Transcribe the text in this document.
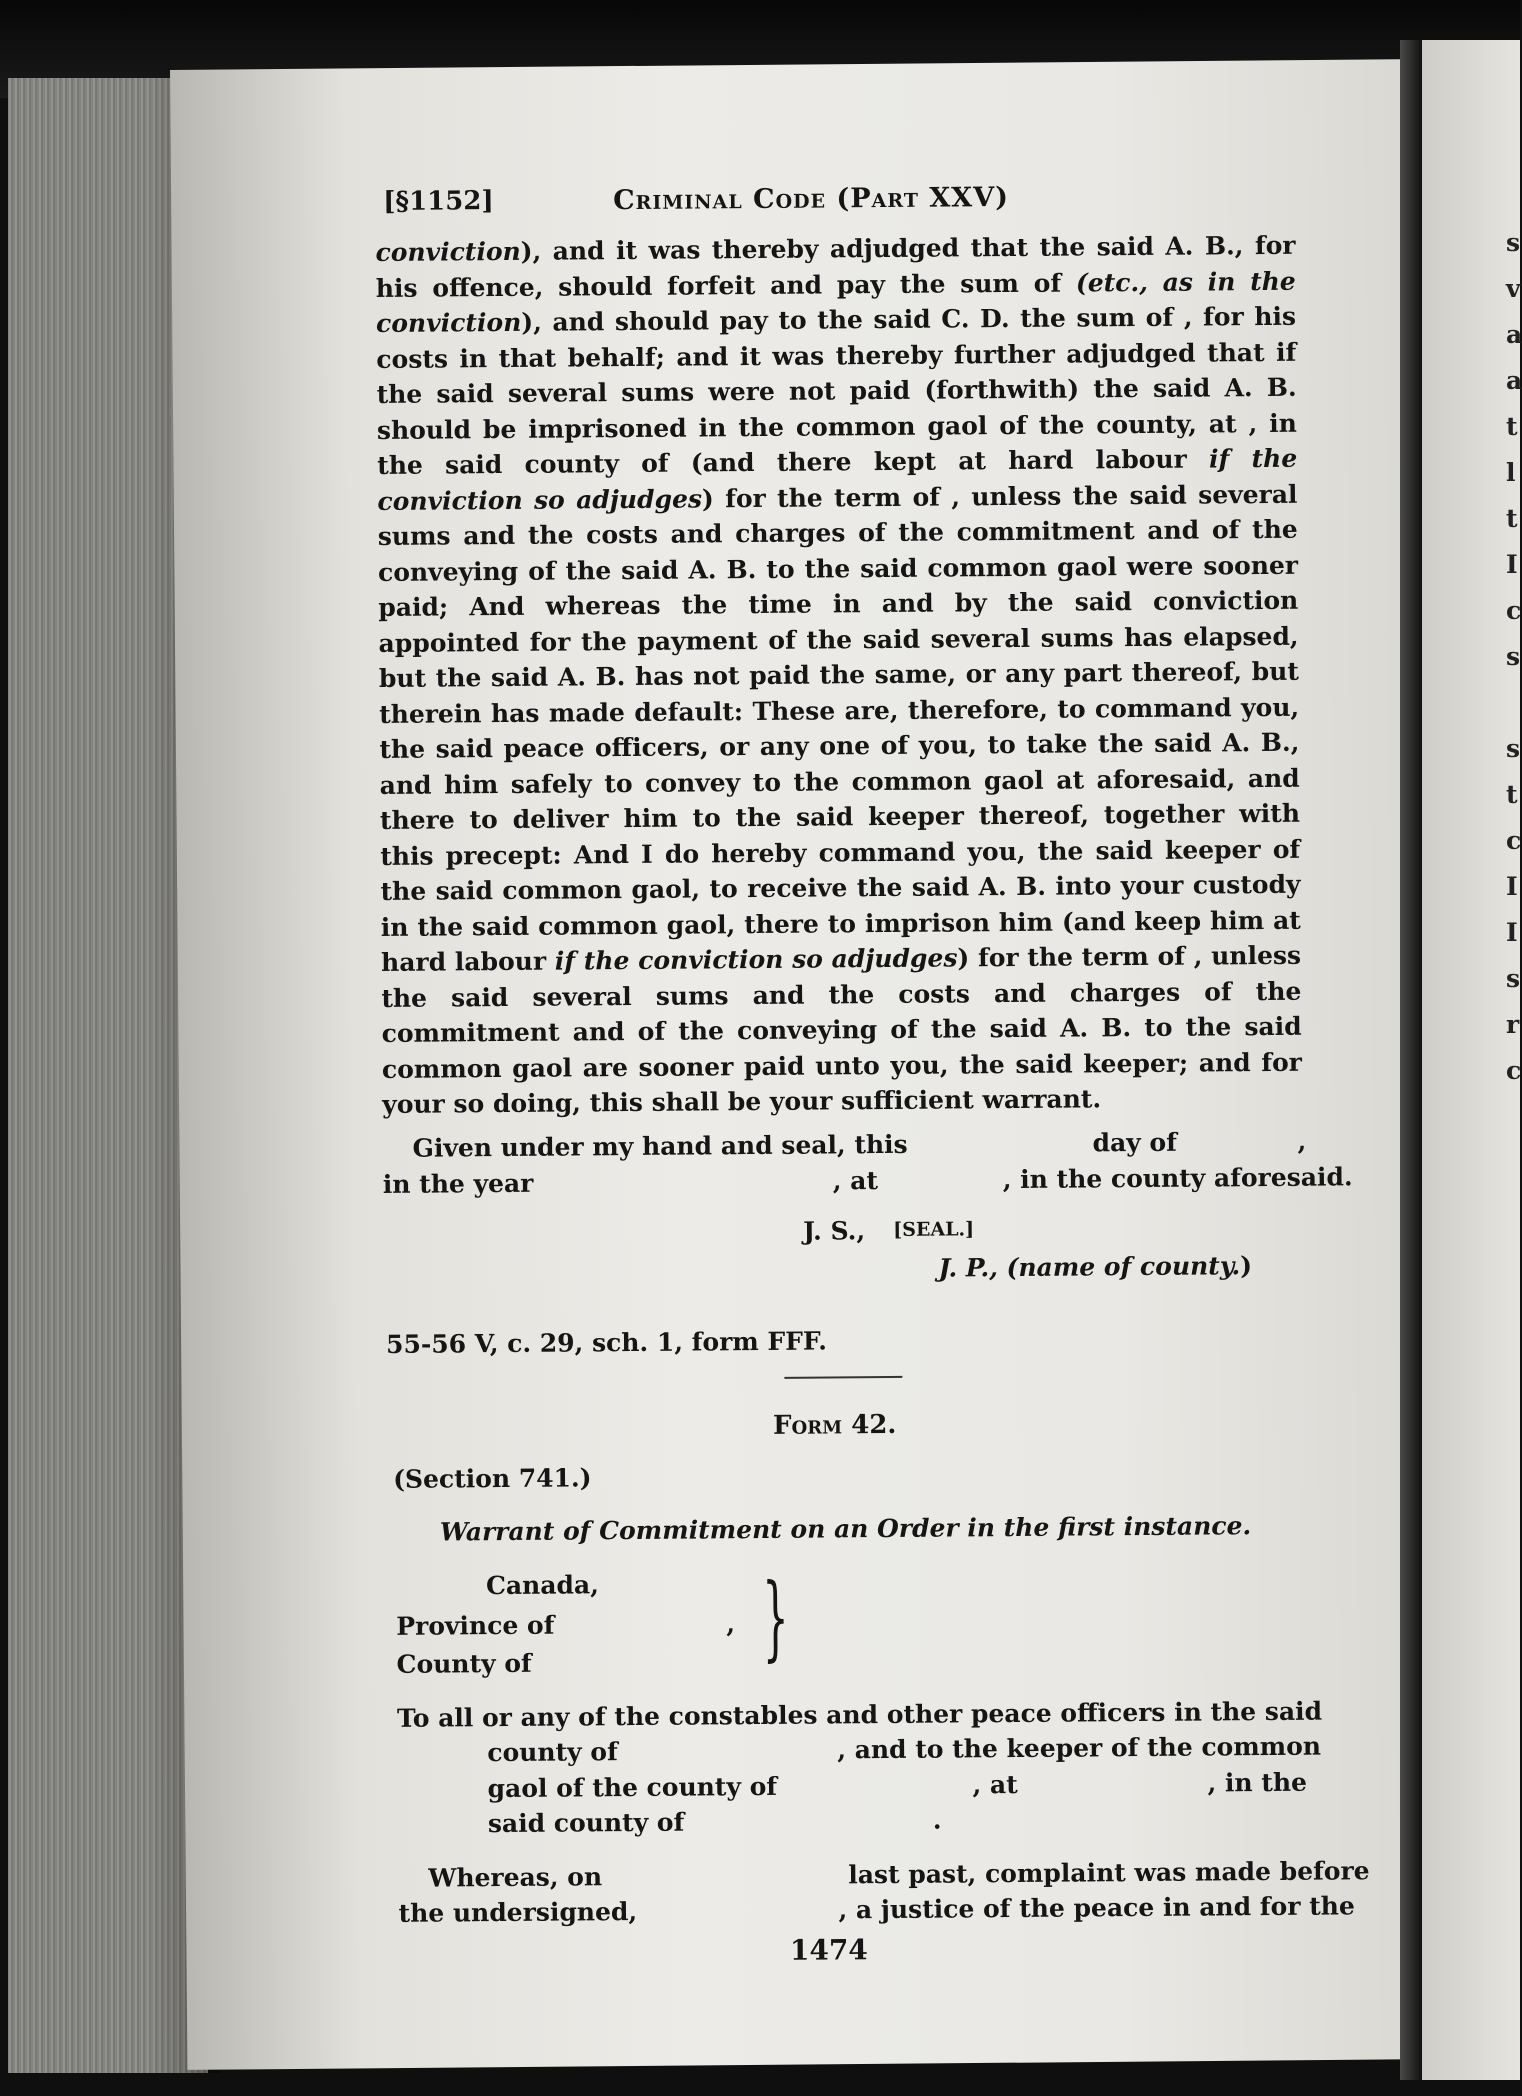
s
v
a
a
t
l
t
I
c
s

s
t
c
I
I
s
r
c
[§1152]	Criminal Code (Part XXV)

conviction), and it was thereby adjudged that the said A. B., for his offence, should forfeit and pay the sum of (etc., as in the conviction), and should pay to the said C. D. the sum of , for his costs in that behalf; and it was thereby further adjudged that if the said several sums were not paid (forthwith) the said A. B. should be imprisoned in the common gaol of the county, at , in the said county of (and there kept at hard labour if the conviction so adjudges) for the term of , unless the said several sums and the costs and charges of the commitment and of the conveying of the said A. B. to the said common gaol were sooner paid; And whereas the time in and by the said conviction appointed for the payment of the said several sums has elapsed, but the said A. B. has not paid the same, or any part thereof, but therein has made default: These are, therefore, to command you, the said peace officers, or any one of you, to take the said A. B., and him safely to convey to the common gaol at aforesaid, and there to deliver him to the said keeper thereof, together with this precept: And I do hereby command you, the said keeper of the said common gaol, to receive the said A. B. into your custody in the said common gaol, there to imprison him (and keep him at hard labour if the conviction so adjudges) for the term of , unless the said several sums and the costs and charges of the commitment and of the conveying of the said A. B. to the said common gaol are sooner paid unto you, the said keeper; and for your so doing, this shall be your sufficient warrant.

Given under my hand and seal, this	day of	,
in the year	, at	, in the county aforesaid.
J. S., [SEAL.]
J. P., (name of county.)
55-56 V, c. 29, sch. 1, form FFF.
Form 42.
(Section 741.)
Warrant of Commitment on an Order in the first instance.
Canada,
Province of	,
County of	}
To all or any of the constables and other peace officers in the said
county of	, and to the keeper of the common
gaol of the county of	, at	, in the
said county of	.
Whereas, on	last past, complaint was made before
the undersigned,	, a justice of the peace in and for the
1474
